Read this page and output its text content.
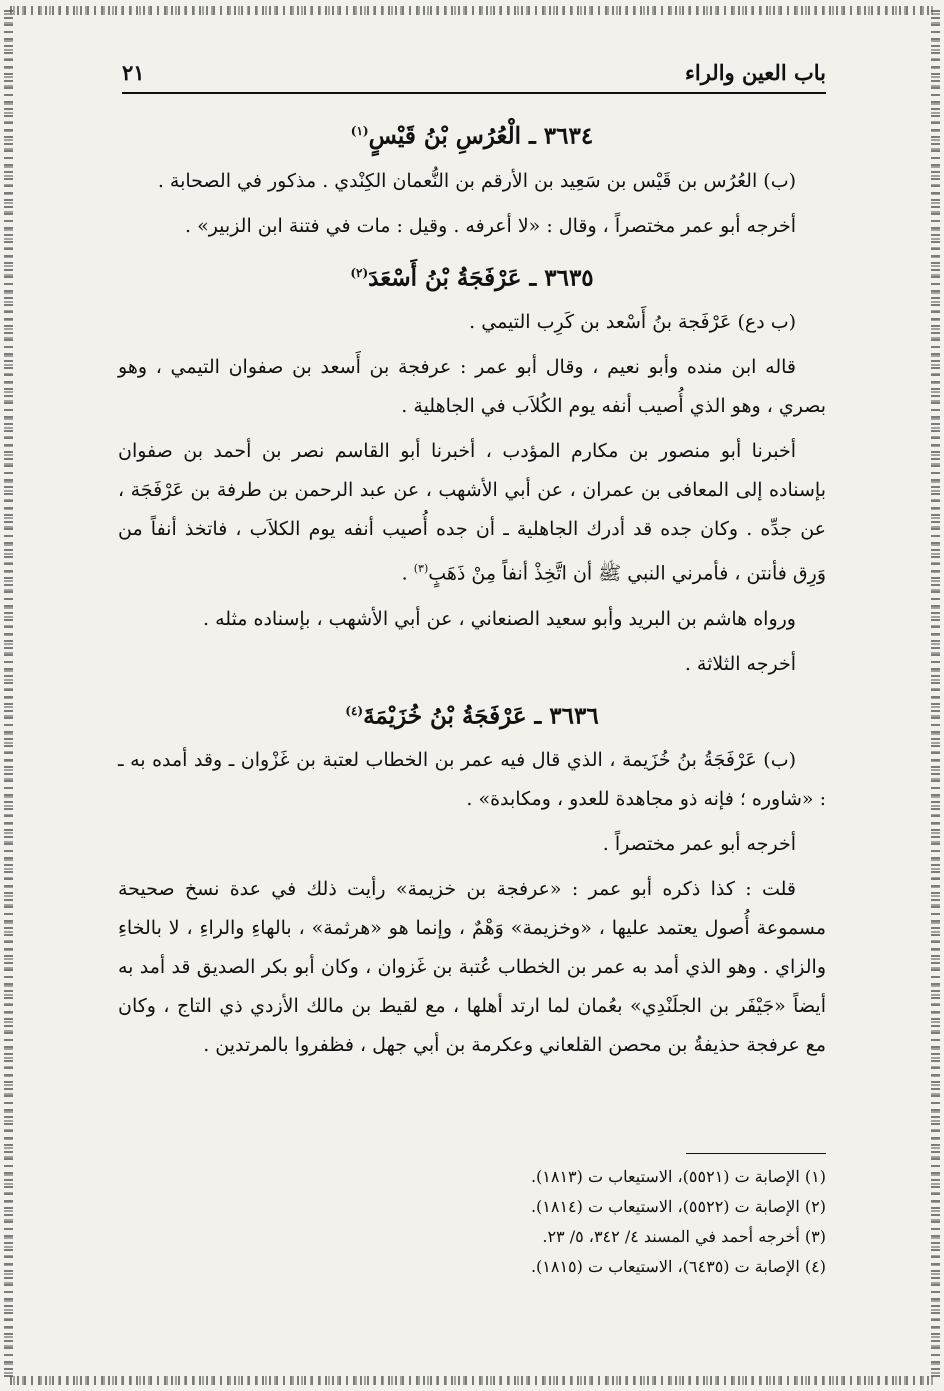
باب العين والراء
٢١
٣٦٣٤ ـ الْعُرُسِ بْنُ قَيْسٍ$^{(١)}$

(ب) العُرُس بن قَيْس بن سَعِيد بن الأرقم بن النُّعمان الكِنْدي . مذكور في الصحابة .

أخرجه أبو عمر مختصراً ، وقال : «لا أعرفه . وقيل : مات في فتنة ابن الزبير» .

٣٦٣٥ ـ عَرْفَجَةُ بْنُ أَسْعَدَ$^{(٢)}$

(ب دع) عَرْفَجة بنُ أَسْعد بن كَرِب التيمي .

قاله ابن منده وأبو نعيم ، وقال أبو عمر : عرفجة بن أَسعد بن صفوان التيمي ، وهو بصري ، وهو الذي أُصيب أنفه يوم الكُلاَب في الجاهلية .

أخبرنا أبو منصور بن مكارم المؤدب ، أخبرنا أبو القاسم نصر بن أحمد بن صفوان بإسناده إلى المعافى بن عمران ، عن أبي الأشهب ، عن عبد الرحمن بن طرفة بن عَرْفَجَة ، عن جدِّه . وكان جده قد أدرك الجاهلية ـ أن جده أُصيب أنفه يوم الكلاَب ، فاتخذ أنفاً من وَرِق فأنتن ، فأمرني النبي ﷺ أن اتَّخِذْ أنفاً مِنْ ذَهَبٍ$^{(٣)}$ .

ورواه هاشم بن البريد وأبو سعيد الصنعاني ، عن أبي الأشهب ، بإسناده مثله .

أخرجه الثلاثة .

٣٦٣٦ ـ عَرْفَجَةُ بْنُ خُزَيْمَةَ$^{(٤)}$

(ب) عَرْفَجَةُ بنُ خُزَيمة ، الذي قال فيه عمر بن الخطاب لعتبة بن غَزْوان ـ وقد أمده به ـ : «شاوره ؛ فإنه ذو مجاهدة للعدو ، ومكابدة» .

أخرجه أبو عمر مختصراً .

قلت : كذا ذكره أبو عمر : «عرفجة بن خزيمة» رأيت ذلك في عدة نسخ صحيحة مسموعة أُصول يعتمد عليها ، «وخزيمة» وَهْمٌ ، وإنما هو «هرثمة» ، بالهاءِ والراءِ ، لا بالخاءِ والزاي . وهو الذي أمد به عمر بن الخطاب عُتبة بن غَزوان ، وكان أبو بكر الصديق قد أمد به أيضاً «جَيْفَر بن الجلَنْدِي» بعُمان لما ارتد أهلها ، مع لقيط بن مالك الأزدي ذي التاج ، وكان مع عرفجة حذيفةُ بن محصن القلعاني وعكرمة بن أبي جهل ، فظفروا بالمرتدين .

(١) الإصابة ت (٥٥٢١)، الاستيعاب ت (١٨١٣).
(٢) الإصابة ت (٥٥٢٢)، الاستيعاب ت (١٨١٤).
(٣) أخرجه أحمد في المسند ٤/ ٣٤٢، ٥/ ٢٣.
(٤) الإصابة ت (٦٤٣٥)، الاستيعاب ت (١٨١٥).
